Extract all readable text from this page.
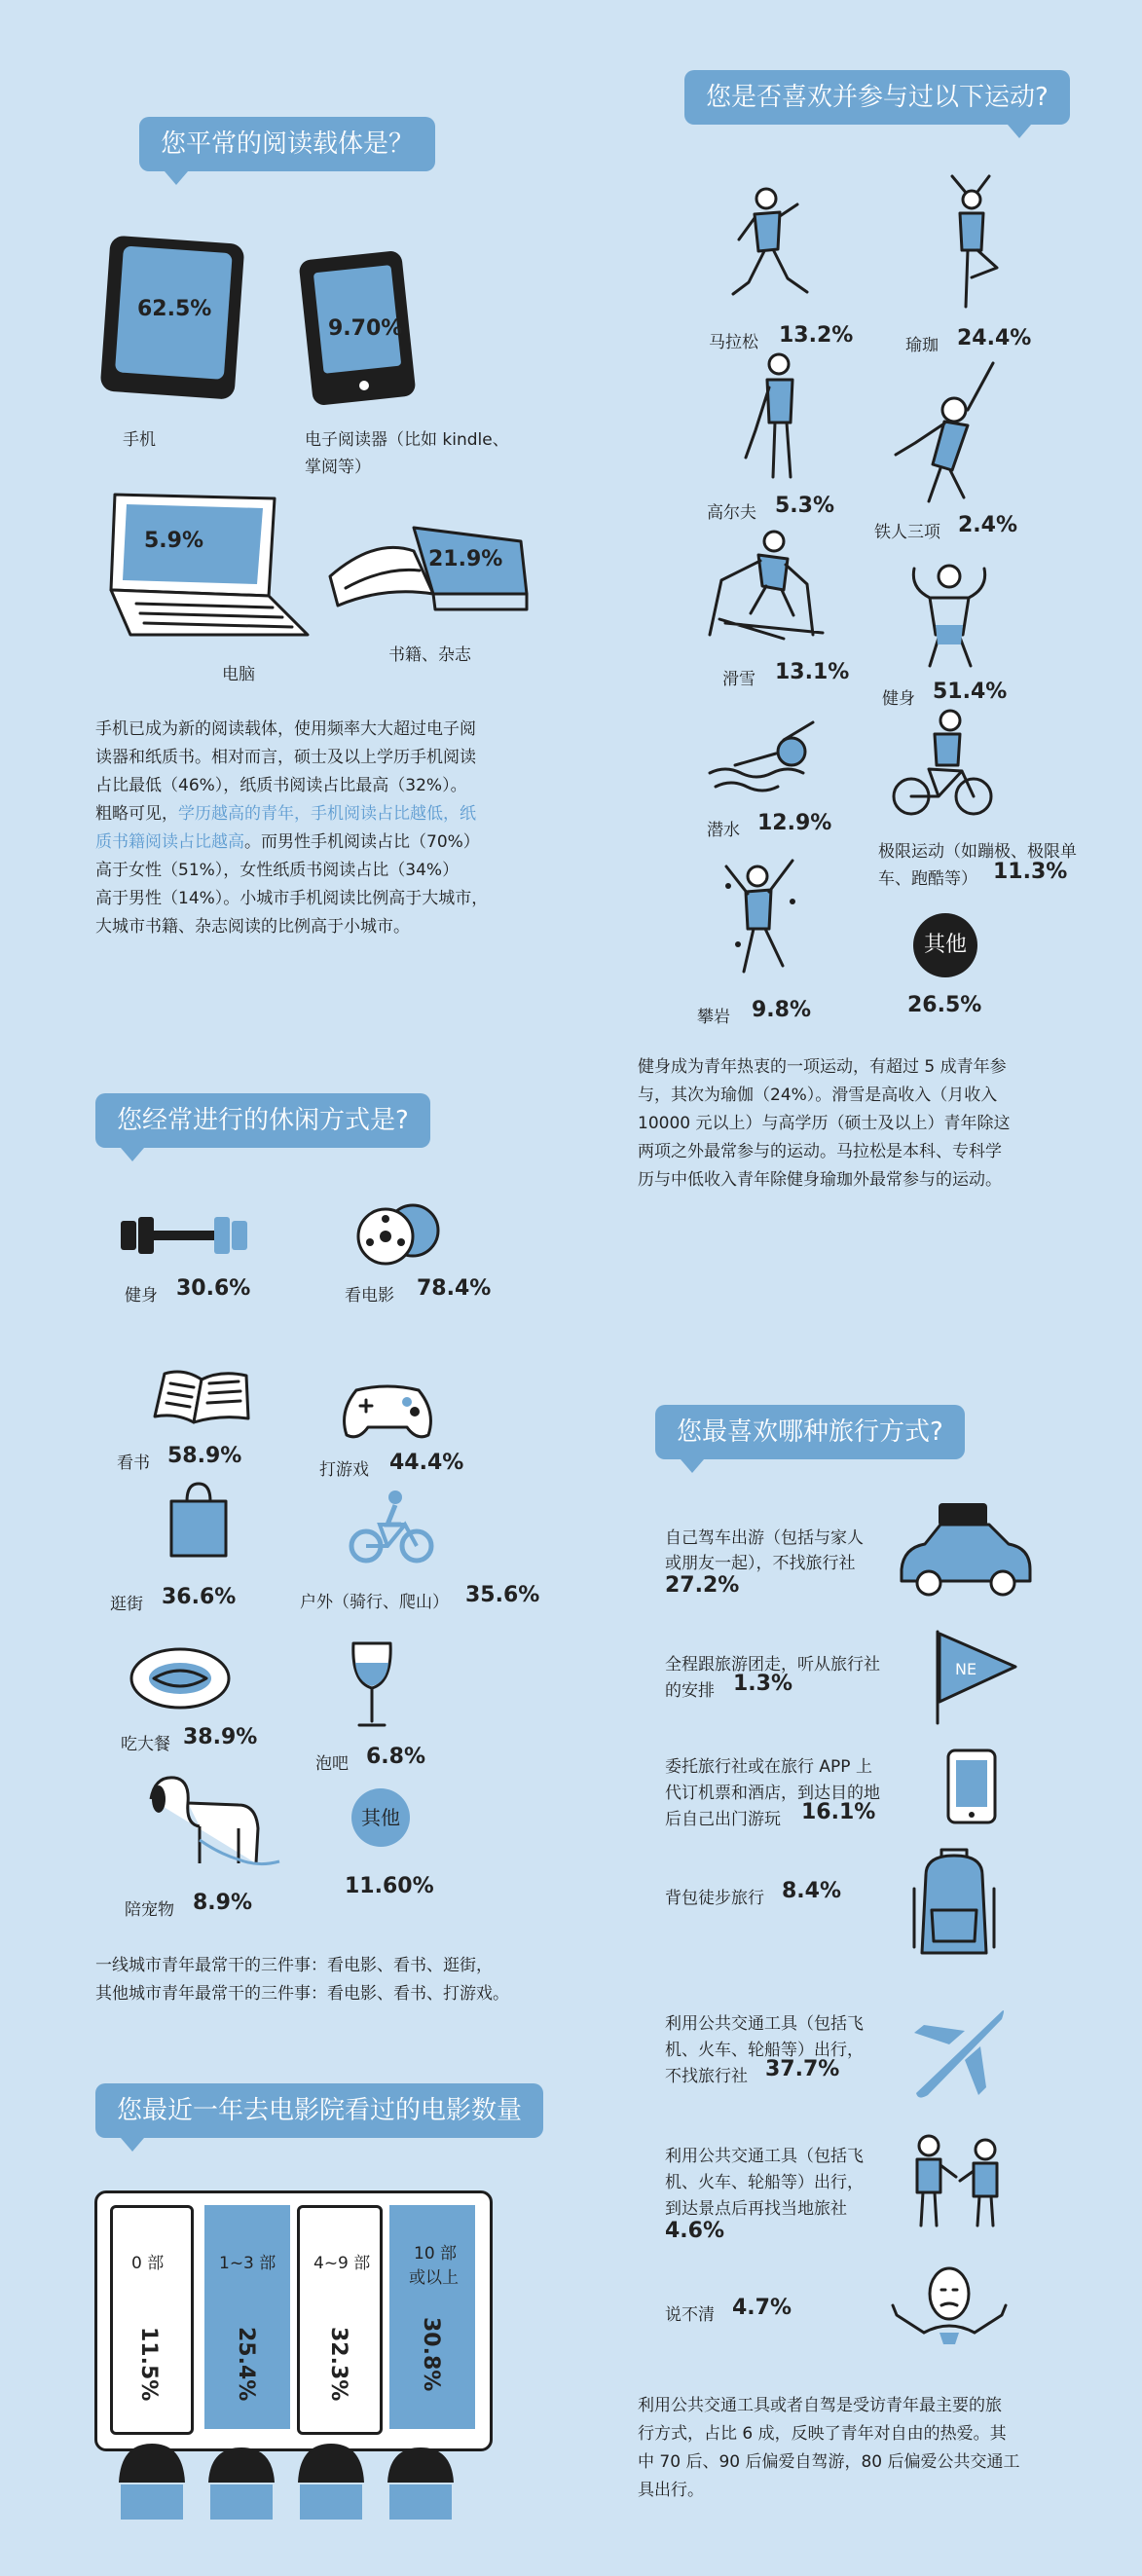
您平常的阅读载体是？
62.5%
手机
9.70%
电子阅读器（比如 kindle、
掌阅等）
5.9%
电脑
21.9%
书籍、杂志
手机已成为新的阅读载体，使用频率大大超过电子阅
读器和纸质书。相对而言，硕士及以上学历手机阅读
占比最低（46%），纸质书阅读占比最高（32%）。
粗略可见，学历越高的青年，手机阅读占比越低，纸
质书籍阅读占比越高。而男性手机阅读占比（70%）
高于女性（51%），女性纸质书阅读占比（34%）
高于男性（14%）。小城市手机阅读比例高于大城市，
大城市书籍、杂志阅读的比例高于小城市。
您是否喜欢并参与过以下运动?
马拉松 13.2%	瑜珈 24.4%
高尔夫 5.3%
铁人三项 2.4%
滑雪 13.1%
健身 51.4%
潜水 12.9%
极限运动（如蹦极、极限单
车、跑酷等） 11.3%
攀岩 9.8%
其他
26.5%
健身成为青年热衷的一项运动，有超过 5 成青年参
与，其次为瑜伽（24%）。滑雪是高收入（月收入
10000 元以上）与高学历（硕士及以上）青年除这
两项之外最常参与的运动。马拉松是本科、专科学
历与中低收入青年除健身瑜珈外最常参与的运动。
您经常进行的休闲方式是?
健身 30.6%	看电影 78.4%
看书 58.9%
打游戏 44.4%
逛街 36.6%	户外（骑行、爬山） 35.6%
吃大餐 38.9%
泡吧 6.8%
陪宠物 8.9%
其他
11.60%
一线城市青年最常干的三件事：看电影、看书、逛街，
其他城市青年最常干的三件事：看电影、看书、打游戏。
您最近一年去电影院看过的电影数量
0 部
11.5%
1~3 部
25.4%
4~9 部
32.3%
10 部
或以上
30.8%
您最喜欢哪种旅行方式?
自己驾车出游（包括与家人
或朋友一起），不找旅行社
27.2%
全程跟旅游团走，听从旅行社
的安排 1.3%
NE
委托旅行社或在旅行 APP 上
代订机票和酒店，到达目的地
后自己出门游玩 16.1%
背包徒步旅行 8.4%
利用公共交通工具（包括飞
机、火车、轮船等）出行，
不找旅行社 37.7%
利用公共交通工具（包括飞
机、火车、轮船等）出行，
到达景点后再找当地旅社
4.6%
说不清 4.7%
利用公共交通工具或者自驾是受访青年最主要的旅
行方式，占比 6 成，反映了青年对自由的热爱。其
中 70 后、90 后偏爱自驾游，80 后偏爱公共交通工
具出行。
